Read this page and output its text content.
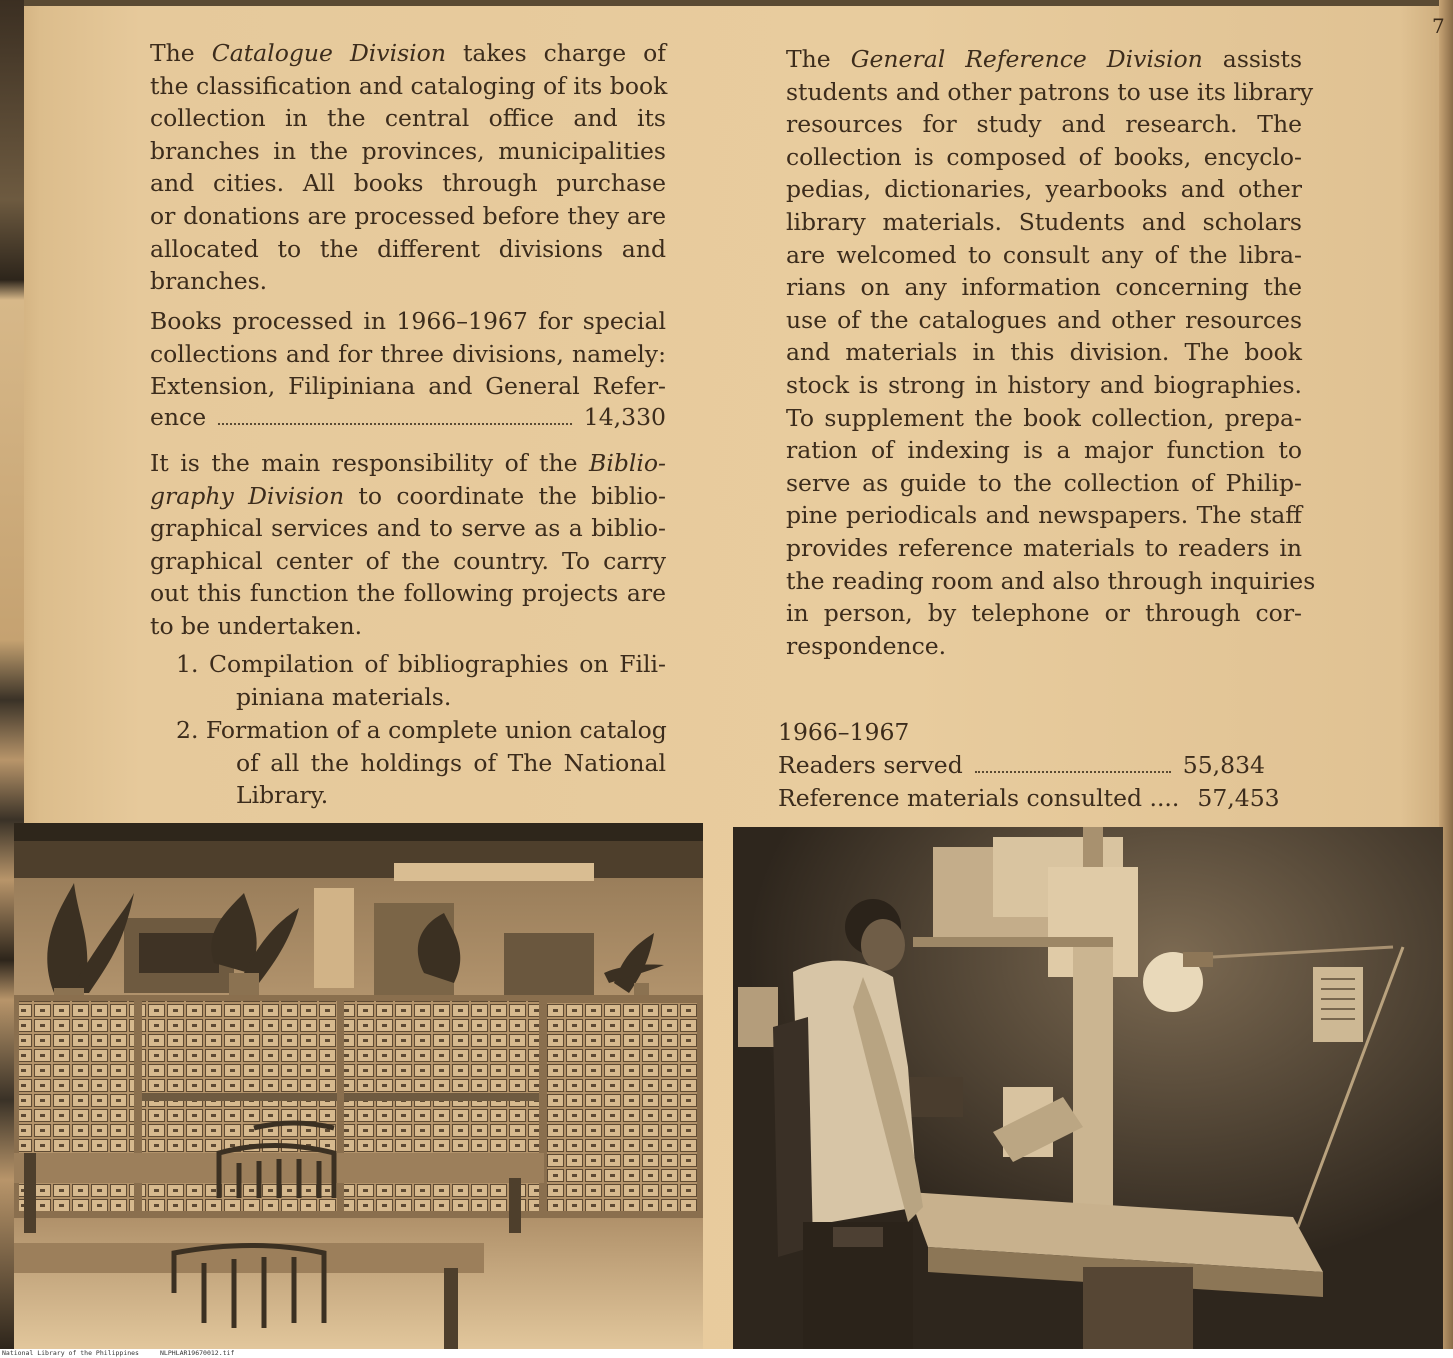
7
The Catalogue Division takes charge of
the classification and cataloging of its book
collection in the central office and its
branches in the provinces, municipalities
and cities. All books through purchase
or donations are processed before they are
allocated to the different divisions and
branches.
Books processed in 1966–1967 for special
collections and for three divisions, namely:
Extension, Filipiniana and General Refer-
ence	14,330
It is the main responsibility of the Biblio-
graphy Division to coordinate the biblio-
graphical services and to serve as a biblio-
graphical center of the country. To carry
out this function the following projects are
to be undertaken.
1. Compilation of bibliographies on Fili-
piniana materials.
2. Formation of a complete union catalog
of all the holdings of The National
Library.
The General Reference Division assists
students and other patrons to use its library
resources for study and research. The
collection is composed of books, encyclo-
pedias, dictionaries, yearbooks and other
library materials. Students and scholars
are welcomed to consult any of the libra-
rians on any information concerning the
use of the catalogues and other resources
and materials in this division. The book
stock is strong in history and biographies.
To supplement the book collection, prepa-
ration of indexing is a major function to
serve as guide to the collection of Philip-
pine periodicals and newspapers. The staff
provides reference materials to readers in
the reading room and also through inquiries
in person, by telephone or through cor-
respondence.
1966–1967
Readers served	55,834
Reference materials consulted .... 57,453
National Library of the Philippines	NLPHLAR19670012.tif
